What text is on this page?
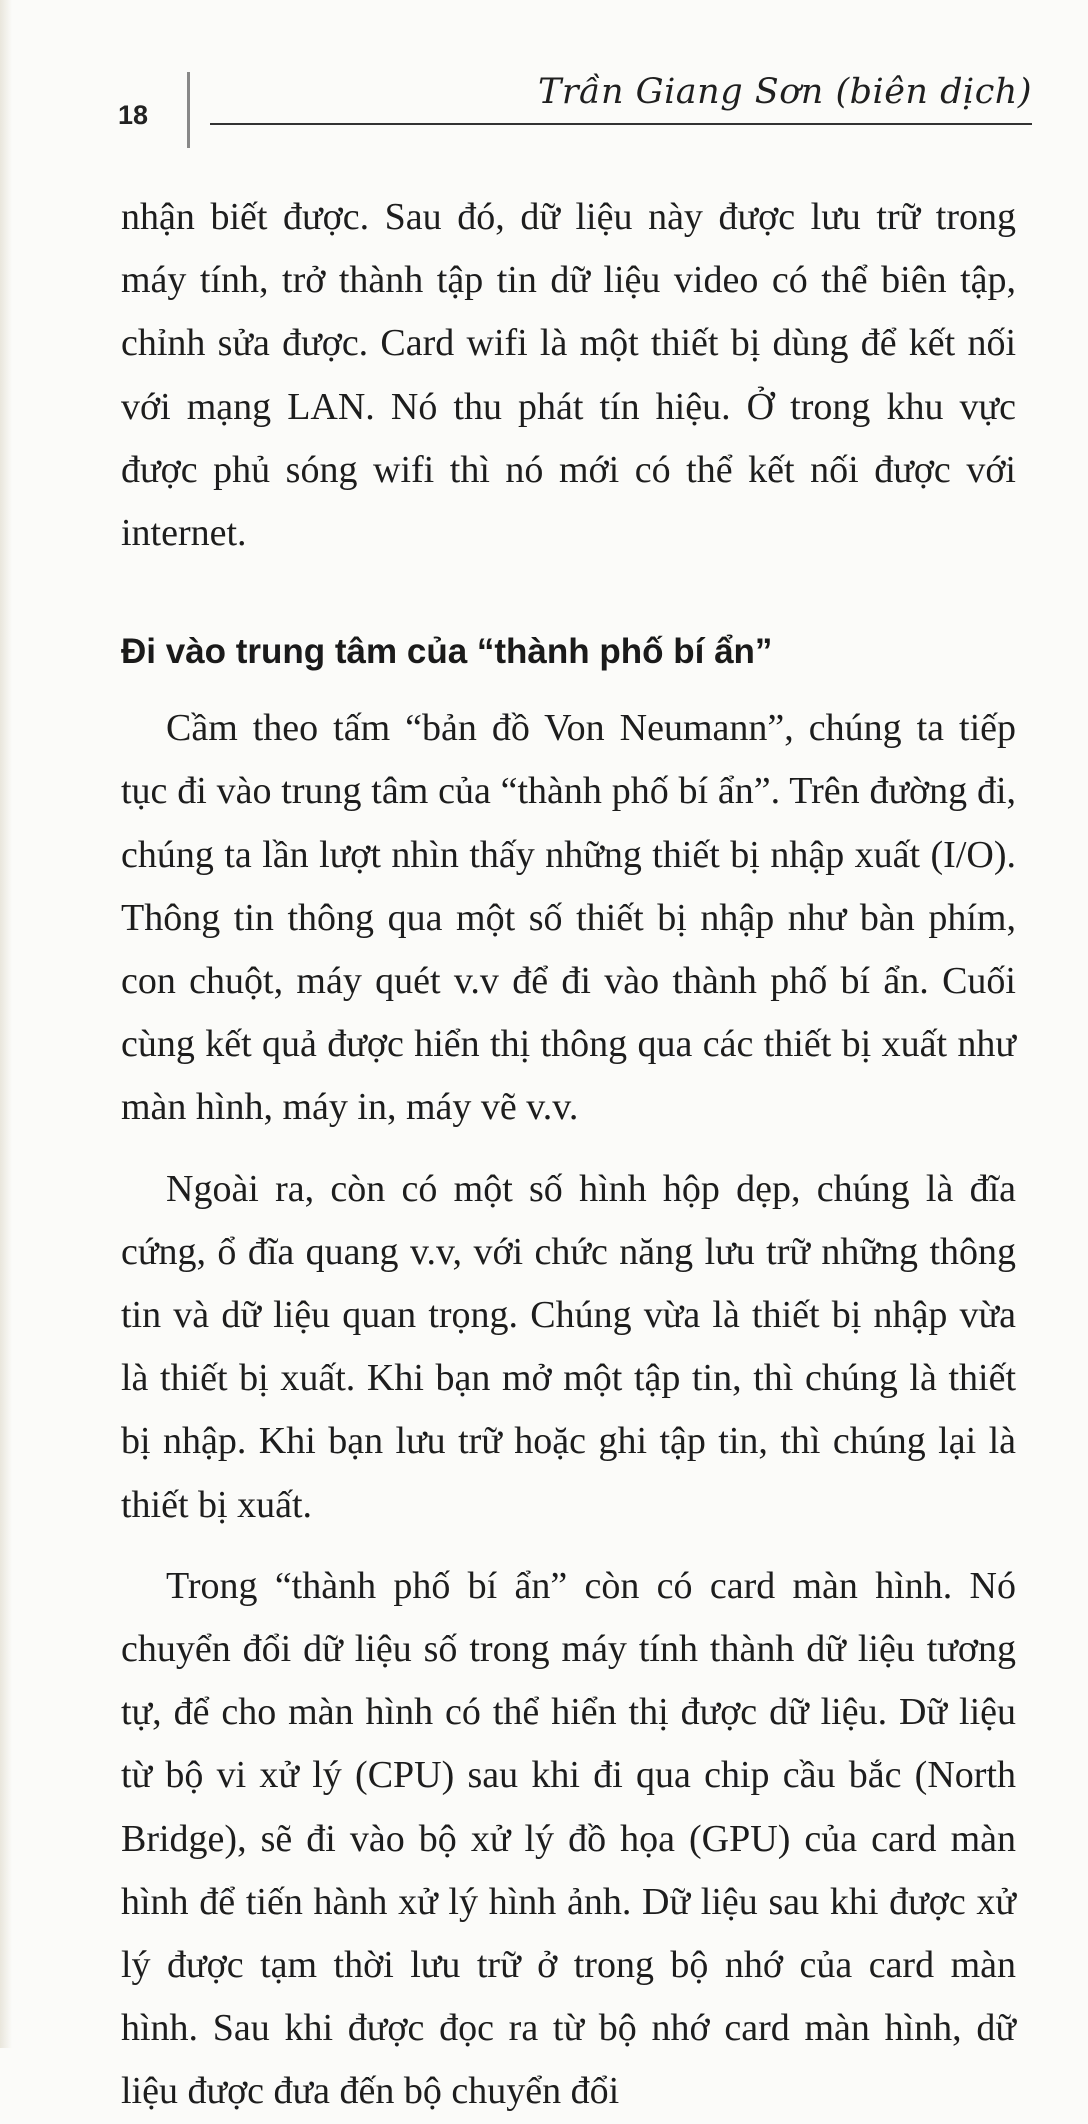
18
Trần Giang Sơn (biên dịch)

nhận biết được. Sau đó, dữ liệu này được lưu trữ trong máy tính, trở thành tập tin dữ liệu video có thể biên tập, chỉnh sửa được. Card wifi là một thiết bị dùng để kết nối với mạng LAN. Nó thu phát tín hiệu. Ở trong khu vực được phủ sóng wifi thì nó mới có thể kết nối được với internet.

Đi vào trung tâm của “thành phố bí ẩn”

Cầm theo tấm “bản đồ Von Neumann”, chúng ta tiếp tục đi vào trung tâm của “thành phố bí ẩn”. Trên đường đi, chúng ta lần lượt nhìn thấy những thiết bị nhập xuất (I/O). Thông tin thông qua một số thiết bị nhập như bàn phím, con chuột, máy quét v.v để đi vào thành phố bí ẩn. Cuối cùng kết quả được hiển thị thông qua các thiết bị xuất như màn hình, máy in, máy vẽ v.v.

Ngoài ra, còn có một số hình hộp dẹp, chúng là đĩa cứng, ổ đĩa quang v.v, với chức năng lưu trữ những thông tin và dữ liệu quan trọng. Chúng vừa là thiết bị nhập vừa là thiết bị xuất. Khi bạn mở một tập tin, thì chúng là thiết bị nhập. Khi bạn lưu trữ hoặc ghi tập tin, thì chúng lại là thiết bị xuất.

Trong “thành phố bí ẩn” còn có card màn hình. Nó chuyển đổi dữ liệu số trong máy tính thành dữ liệu tương tự, để cho màn hình có thể hiển thị được dữ liệu. Dữ liệu từ bộ vi xử lý (CPU) sau khi đi qua chip cầu bắc (North Bridge), sẽ đi vào bộ xử lý đồ họa (GPU) của card màn hình để tiến hành xử lý hình ảnh. Dữ liệu sau khi được xử lý được tạm thời lưu trữ ở trong bộ nhớ của card màn hình. Sau khi được đọc ra từ bộ nhớ card màn hình, dữ liệu được đưa đến bộ chuyển đổi
